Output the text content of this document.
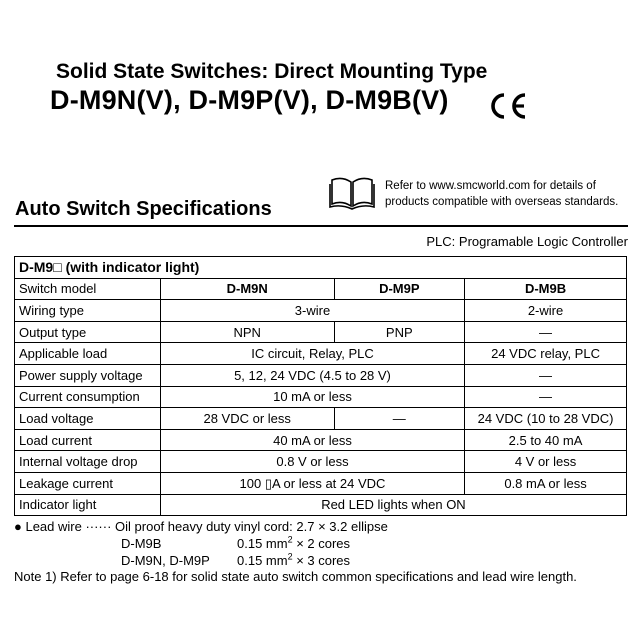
Solid State Switches: Direct Mounting Type
D-M9N(V), D-M9P(V), D-M9B(V)
Refer to www.smcworld.com for details of
products compatible with overseas standards.
Auto Switch Specifications
PLC: Programable Logic Controller
D-M9□ (with indicator light)			
Switch model	D-M9N	D-M9P	D-M9B
Wiring type	3-wire		2-wire
Output type	NPN	PNP	—
Applicable load	IC circuit, Relay, PLC		24 VDC relay, PLC
Power supply voltage	5, 12, 24 VDC (4.5 to 28 V)		—
Current consumption	10 mA or less		—
Load voltage	28 VDC or less	—	24 VDC (10 to 28 VDC)
Load current	40 mA or less		2.5 to 40 mA
Internal voltage drop	0.8 V or less		4 V or less
Leakage current	100 ▯A or less at 24 VDC		0.8 mA or less
Indicator light	Red LED lights when ON		
● Lead wire ······ Oil proof heavy duty vinyl cord: 2.7 × 3.2 ellipse
D-M9B	0.15 $mm^2 \times 2$ cores
D-M9N, D-M9P 0.15 $mm^2 \times 3$ cores
Note 1) Refer to page 6-18 for solid state auto switch common specifications and lead wire length.
